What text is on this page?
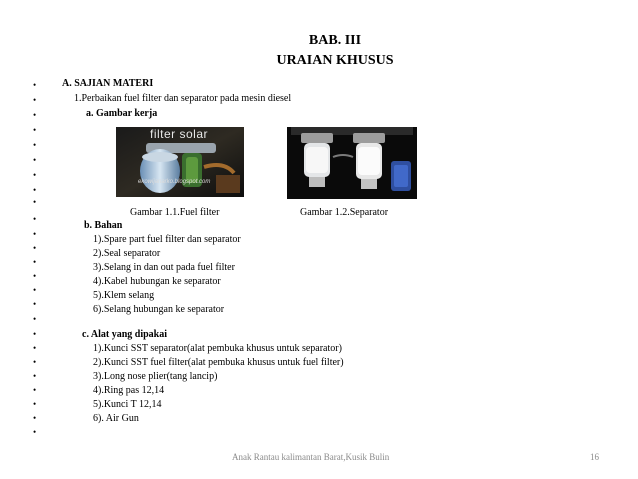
BAB. III
URAIAN KHUSUS
•
•
•
•
•
•
•
•
•
•
•
•
•
•
•
•
•
•
•
•
•
•
•
•
•
A. SAJIAN MATERI
1.Perbaikan fuel filter dan separator pada mesin diesel
a. Gambar kerja
filter solar
ekowijanarko.blogspot.com
Gambar 1.1.Fuel filter	Gambar 1.2.Separator
b. Bahan
1).Spare part fuel filter dan separator
2).Seal separator
3).Selang in dan out pada fuel filter
4).Kabel hubungan ke separator
5).Klem selang
6).Selang hubungan ke separator
c. Alat yang dipakai
1).Kunci SST separator(alat pembuka khusus untuk separator)
2).Kunci SST fuel filter(alat pembuka khusus untuk fuel filter)
3).Long nose plier(tang lancip)
4).Ring pas 12,14
5).Kunci T 12,14
6). Air Gun
Anak Rantau kalimantan Barat,Kusik Bulin	16
